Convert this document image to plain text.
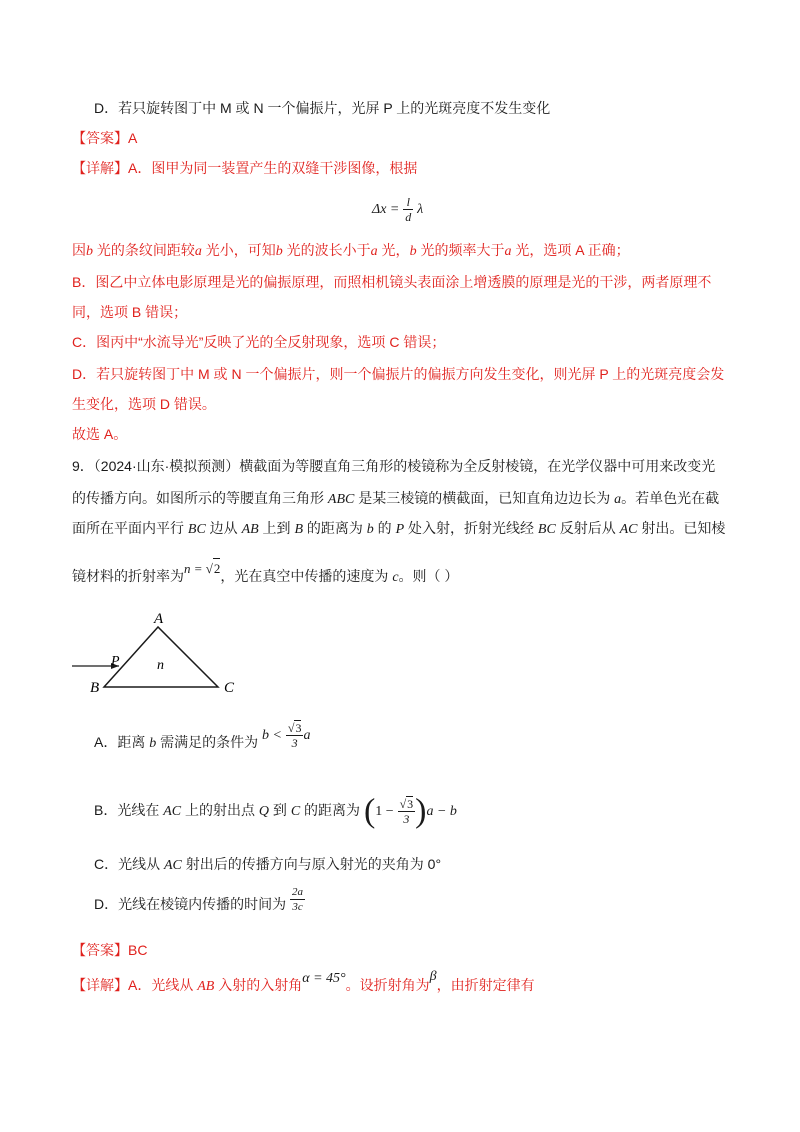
D．若只旋转图丁中 M 或 N 一个偏振片，光屏 P 上的光斑亮度不发生变化
【答案】A
【详解】A．图甲为同一装置产生的双缝干涉图像，根据
$\Delta x = \frac{l}{d}$ λ
因b 光的条纹间距较a 光小，可知b 光的波长小于a 光，b 光的频率大于a 光，选项 A 正确；
B．图乙中立体电影原理是光的偏振原理，而照相机镜头表面涂上增透膜的原理是光的干涉，两者原理不
同，选项 B 错误；
C．图丙中“水流导光”反映了光的全反射现象，选项 C 错误；
D．若只旋转图丁中 M 或 N 一个偏振片，则一个偏振片的偏振方向发生变化，则光屏 P 上的光斑亮度会发
生变化，选项 D 错误。
故选 A。
9．（2024·山东·模拟预测）横截面为等腰直角三角形的棱镜称为全反射棱镜，在光学仪器中可用来改变光
的传播方向。如图所示的等腰直角三角形 ABC 是某三棱镜的横截面，已知直角边边长为 a。若单色光在截
面所在平面内平行 BC 边从 AB 上到 B 的距离为 b 的 P 处入射，折射光线经 BC 反射后从 AC 射出。已知棱
镜材料的折射率为n = √2，光在真空中传播的速度为 c。则（ ）
A
B	C
P	n
A．距离 b 需满足的条件为 $b < \frac{√3}{3}$ a
B．光线在 AC 上的射出点 Q 到 C 的距离为 $(1 - \frac{√3}{3} )a - b$
C．光线从 AC 射出后的传播方向与原入射光的夹角为 0°
D．光线在棱镜内传播的时间为 $\frac{2a}{3c}$
【答案】BC
【详解】A．光线从 AB 入射的入射角α = 45°。设折射角为β，由折射定律有
